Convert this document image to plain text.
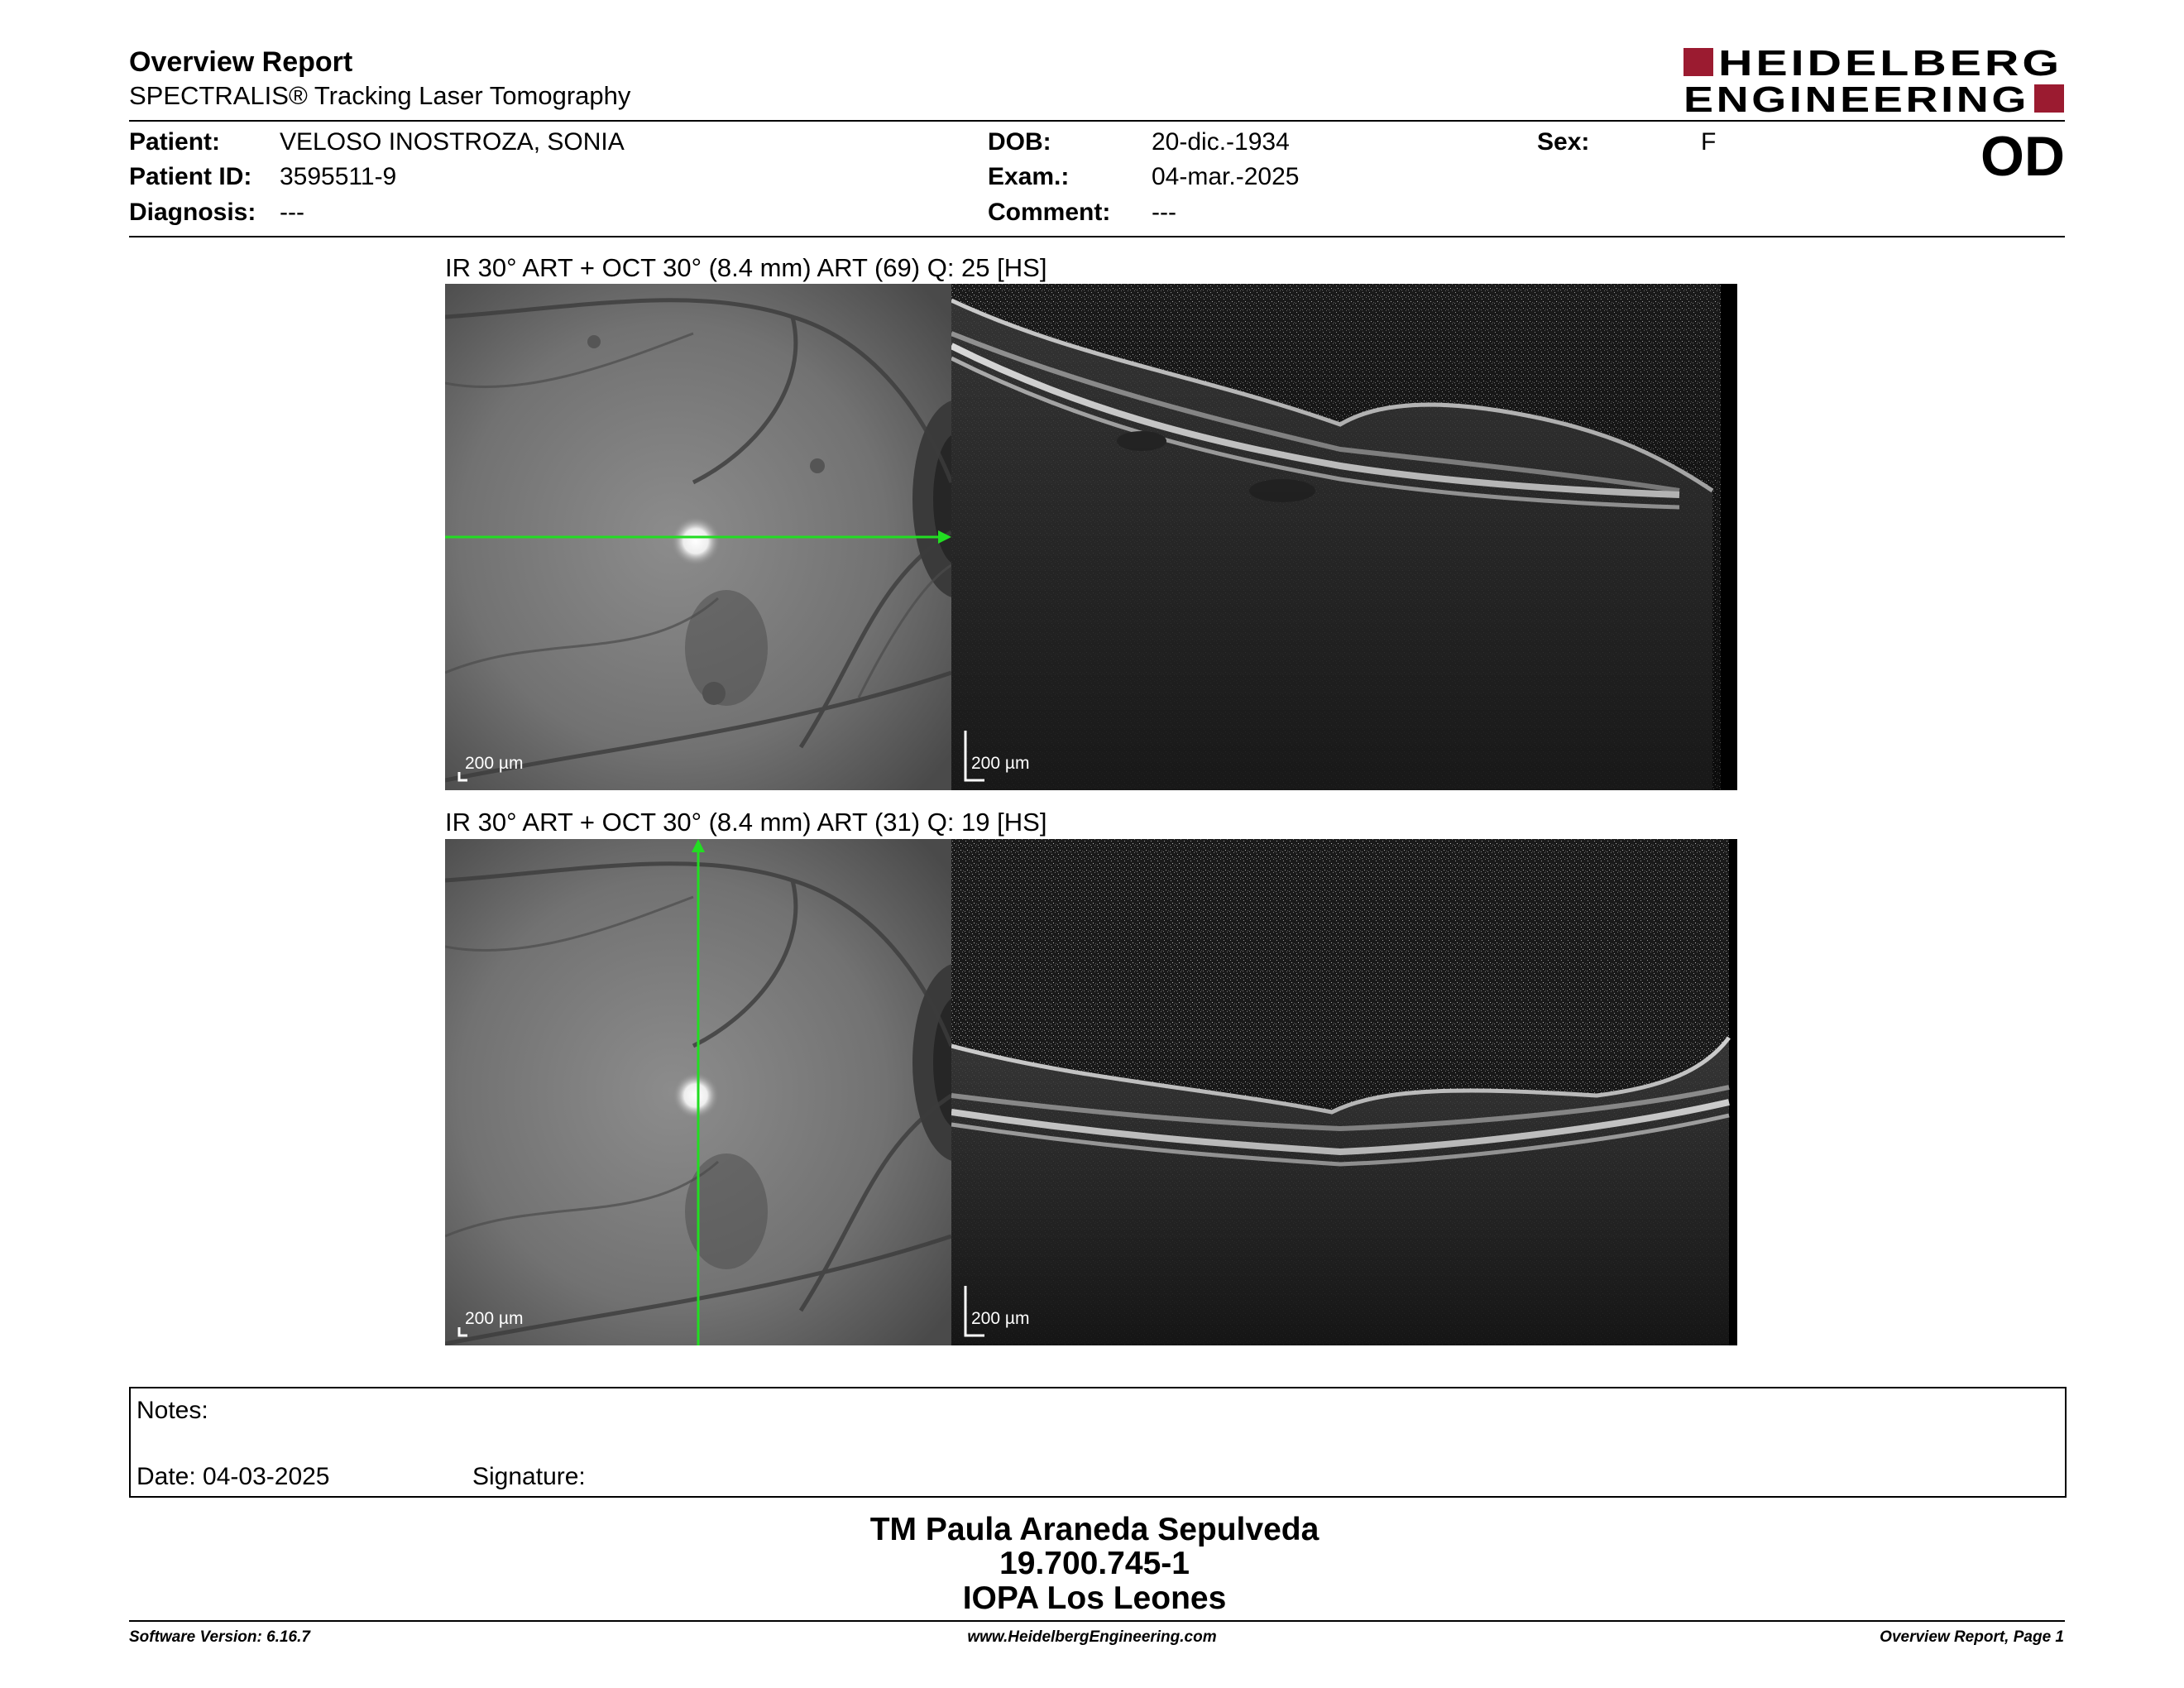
Overview Report
SPECTRALIS® Tracking Laser Tomography
HEIDELBERG
ENGINEERING
OD
Patient: VELOSO INOSTROZA, SONIA
Patient ID: 3595511-9
Diagnosis: ---
DOB:	20-dic.-1934
Exam.:	04-mar.-2025
Comment: ---
Sex:	F
IR 30° ART + OCT 30° (8.4 mm) ART (69) Q: 25 [HS]
200 µm	200 µm
IR 30° ART + OCT 30° (8.4 mm) ART (31) Q: 19 [HS]
200 µm	200 µm
Notes:
Date: 04-03-2025	Signature:
TM Paula Araneda Sepulveda
19.700.745-1
IOPA Los Leones
Software Version: 6.16.7	www.HeidelbergEngineering.com	Overview Report, Page 1
